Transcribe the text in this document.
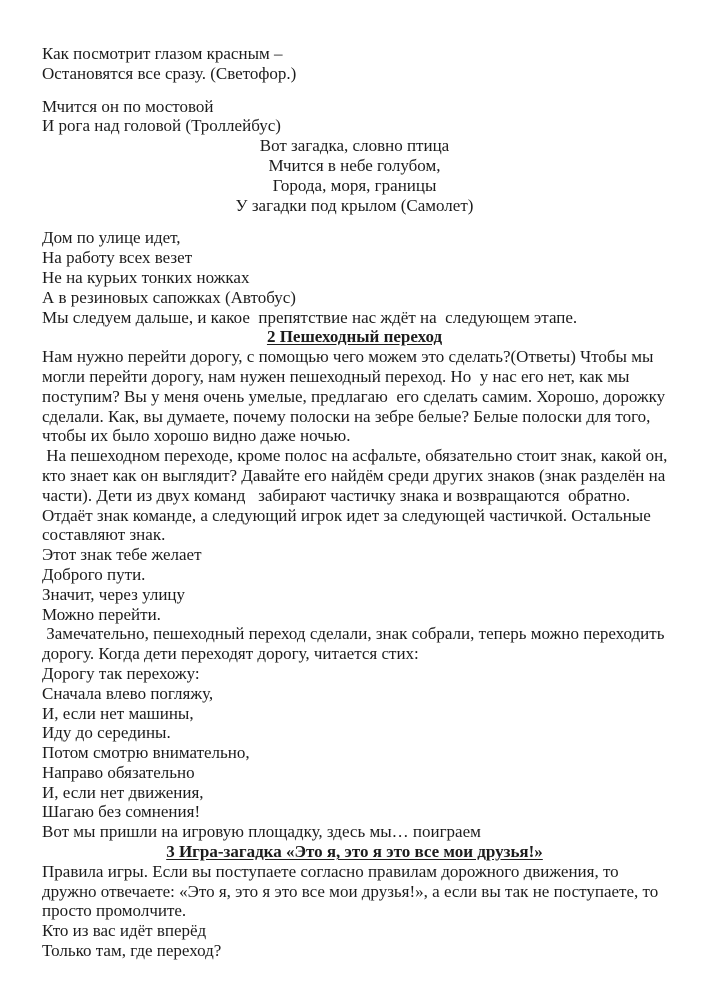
Как посмотрит глазом красным –
Остановятся все сразу. (Светофор.)
Мчится он по мостовой
И рога над головой (Троллейбус)
Вот загадка, словно птица
Мчится в небе голубом,
Города, моря, границы
У загадки под крылом (Самолет)
Дом по улице идет,
На работу всех везет
Не на курьих тонких ножках
А в резиновых сапожках (Автобус)
Мы следуем дальше, и какое  препятствие нас ждёт на  следующем этапе.
2 Пешеходный переход
Нам нужно перейти дорогу, с помощью чего можем это сделать?(Ответы) Чтобы мы
могли перейти дорогу, нам нужен пешеходный переход. Но  у нас его нет, как мы
поступим? Вы у меня очень умелые, предлагаю  его сделать самим. Хорошо, дорожку
сделали. Как, вы думаете, почему полоски на зебре белые? Белые полоски для того,
чтобы их было хорошо видно даже ночью.
На пешеходном переходе, кроме полос на асфальте, обязательно стоит знак, какой он,
кто знает как он выглядит? Давайте его найдём среди других знаков (знак разделён на
части). Дети из двух команд   забирают частичку знака и возвращаются  обратно.
Отдаёт знак команде, а следующий игрок идет за следующей частичкой. Остальные
составляют знак.
Этот знак тебе желает
Доброго пути.
Значит, через улицу
Можно перейти.
Замечательно, пешеходный переход сделали, знак собрали, теперь можно переходить
дорогу. Когда дети переходят дорогу, читается стих:
Дорогу так перехожу:
Сначала влево погляжу,
И, если нет машины,
Иду до середины.
Потом смотрю внимательно,
Направо обязательно
И, если нет движения,
Шагаю без сомнения!
Вот мы пришли на игровую площадку, здесь мы… поиграем
3 Игра-загадка «Это я, это я это все мои друзья!»
Правила игры. Если вы поступаете согласно правилам дорожного движения, то
дружно отвечаете: «Это я, это я это все мои друзья!», а если вы так не поступаете, то
просто промолчите.
Кто из вас идёт вперёд
Только там, где переход?
